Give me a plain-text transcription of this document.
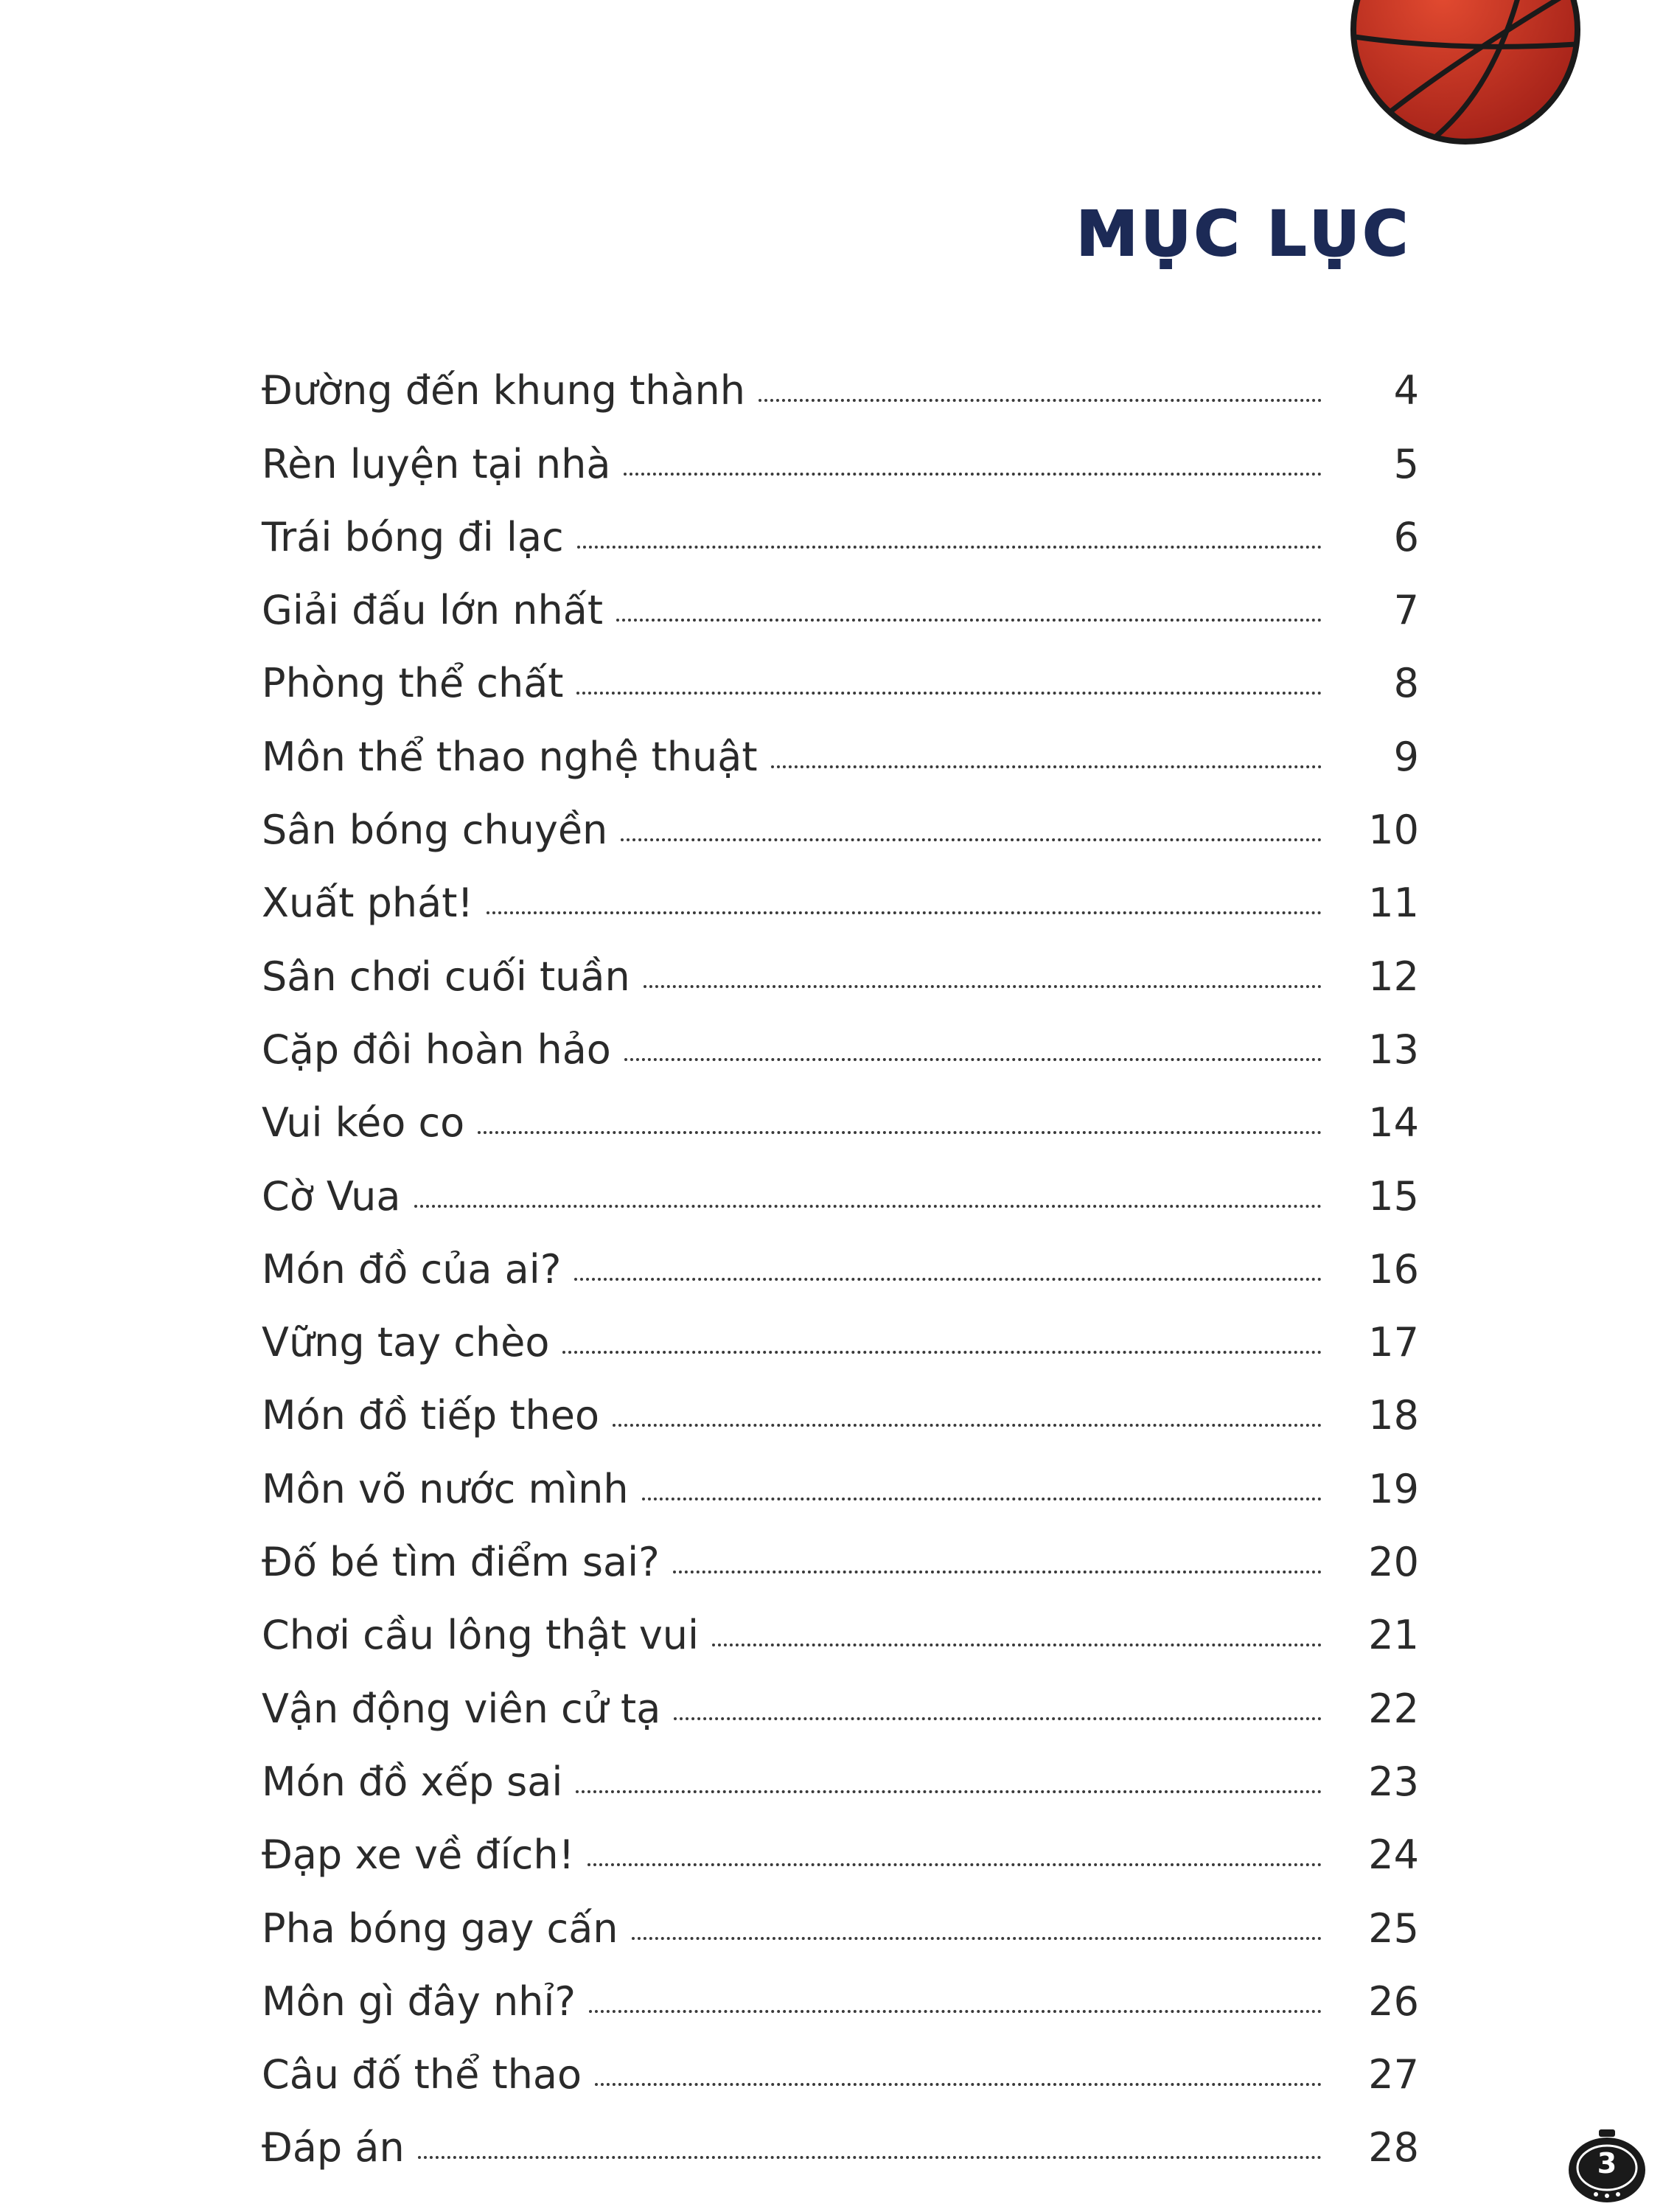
MỤC LỤC
Đường đến khung thành	4
Rèn luyện tại nhà	5
Trái bóng đi lạc	6
Giải đấu lớn nhất	7
Phòng thể chất	8
Môn thể thao nghệ thuật	9
Sân bóng chuyền	10
Xuất phát!	11
Sân chơi cuối tuần	12
Cặp đôi hoàn hảo	13
Vui kéo co	14
Cờ Vua	15
Món đồ của ai?	16
Vững tay chèo	17
Món đồ tiếp theo	18
Môn võ nước mình	19
Đố bé tìm điểm sai?	20
Chơi cầu lông thật vui	21
Vận động viên cử tạ	22
Món đồ xếp sai	23
Đạp xe về đích!	24
Pha bóng gay cấn	25
Môn gì đây nhỉ?	26
Câu đố thể thao	27
Đáp án	28	3
